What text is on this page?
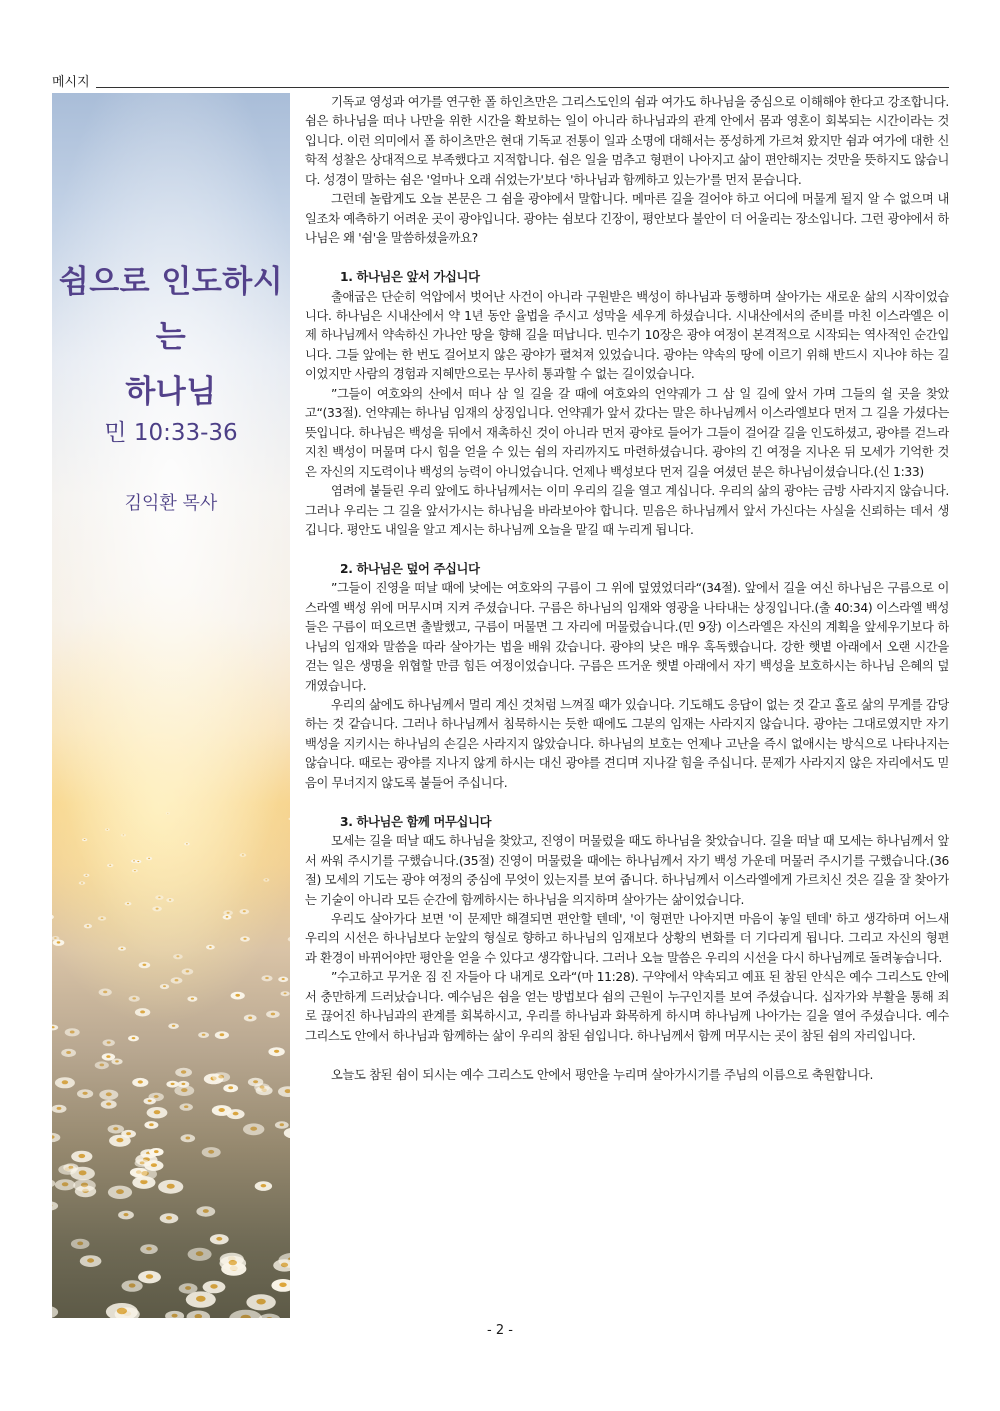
메시지
쉼으로 인도하시는
하나님

민 10:33-36

김익환 목사

기독교 영성과 여가를 연구한 폴 하인츠만은 그리스도인의 쉼과 여가도 하나님을 중심으로 이해해야 한다고 강조합니다. 쉼은 하나님을 떠나 나만을 위한 시간을 확보하는 일이 아니라 하나님과의 관계 안에서 몸과 영혼이 회복되는 시간이라는 것입니다. 이런 의미에서 폴 하이츠만은 현대 기독교 전통이 일과 소명에 대해서는 풍성하게 가르쳐 왔지만 쉼과 여가에 대한 신학적 성찰은 상대적으로 부족했다고 지적합니다. 쉼은 일을 멈추고 형편이 나아지고 삶이 편안해지는 것만을 뜻하지도 않습니다. 성경이 말하는 쉼은 '얼마나 오래 쉬었는가'보다 '하나님과 함께하고 있는가'를 먼저 묻습니다.

그런데 놀랍게도 오늘 본문은 그 쉼을 광야에서 말합니다. 메마른 길을 걸어야 하고 어디에 머물게 될지 알 수 없으며 내일조차 예측하기 어려운 곳이 광야입니다. 광야는 쉼보다 긴장이, 평안보다 불안이 더 어울리는 장소입니다. 그런 광야에서 하나님은 왜 '쉼'을 말씀하셨을까요?

1. 하나님은 앞서 가십니다

출애굽은 단순히 억압에서 벗어난 사건이 아니라 구원받은 백성이 하나님과 동행하며 살아가는 새로운 삶의 시작이었습니다. 하나님은 시내산에서 약 1년 동안 율법을 주시고 성막을 세우게 하셨습니다. 시내산에서의 준비를 마친 이스라엘은 이제 하나님께서 약속하신 가나안 땅을 향해 길을 떠납니다. 민수기 10장은 광야 여정이 본격적으로 시작되는 역사적인 순간입니다. 그들 앞에는 한 번도 걸어보지 않은 광야가 펼쳐져 있었습니다. 광야는 약속의 땅에 이르기 위해 반드시 지나야 하는 길이었지만 사람의 경험과 지혜만으로는 무사히 통과할 수 없는 길이었습니다.

”그들이 여호와의 산에서 떠나 삼 일 길을 갈 때에 여호와의 언약궤가 그 삼 일 길에 앞서 가며 그들의 쉴 곳을 찾았고“(33절). 언약궤는 하나님 임재의 상징입니다. 언약궤가 앞서 갔다는 말은 하나님께서 이스라엘보다 먼저 그 길을 가셨다는 뜻입니다. 하나님은 백성을 뒤에서 재촉하신 것이 아니라 먼저 광야로 들어가 그들이 걸어갈 길을 인도하셨고, 광야를 걷느라 지친 백성이 머물며 다시 힘을 얻을 수 있는 쉼의 자리까지도 마련하셨습니다. 광야의 긴 여정을 지나온 뒤 모세가 기억한 것은 자신의 지도력이나 백성의 능력이 아니었습니다. 언제나 백성보다 먼저 길을 여셨던 분은 하나님이셨습니다.(신 1:33)

염려에 붙들린 우리 앞에도 하나님께서는 이미 우리의 길을 열고 계십니다. 우리의 삶의 광야는 금방 사라지지 않습니다. 그러나 우리는 그 길을 앞서가시는 하나님을 바라보아야 합니다. 믿음은 하나님께서 앞서 가신다는 사실을 신뢰하는 데서 생깁니다. 평안도 내일을 알고 계시는 하나님께 오늘을 맡길 때 누리게 됩니다.

2. 하나님은 덮어 주십니다

”그들이 진영을 떠날 때에 낮에는 여호와의 구름이 그 위에 덮였었더라“(34절). 앞에서 길을 여신 하나님은 구름으로 이스라엘 백성 위에 머무시며 지켜 주셨습니다. 구름은 하나님의 임재와 영광을 나타내는 상징입니다.(출 40:34) 이스라엘 백성들은 구름이 떠오르면 출발했고, 구름이 머물면 그 자리에 머물렀습니다.(민 9장) 이스라엘은 자신의 계획을 앞세우기보다 하나님의 임재와 말씀을 따라 살아가는 법을 배워 갔습니다. 광야의 낮은 매우 혹독했습니다. 강한 햇볕 아래에서 오랜 시간을 걷는 일은 생명을 위협할 만큼 힘든 여정이었습니다. 구름은 뜨거운 햇볕 아래에서 자기 백성을 보호하시는 하나님 은혜의 덮개였습니다.

우리의 삶에도 하나님께서 멀리 계신 것처럼 느껴질 때가 있습니다. 기도해도 응답이 없는 것 같고 홀로 삶의 무게를 감당하는 것 같습니다. 그러나 하나님께서 침묵하시는 듯한 때에도 그분의 임재는 사라지지 않습니다. 광야는 그대로였지만 자기 백성을 지키시는 하나님의 손길은 사라지지 않았습니다. 하나님의 보호는 언제나 고난을 즉시 없애시는 방식으로 나타나지는 않습니다. 때로는 광야를 지나지 않게 하시는 대신 광야를 견디며 지나갈 힘을 주십니다. 문제가 사라지지 않은 자리에서도 믿음이 무너지지 않도록 붙들어 주십니다.

3. 하나님은 함께 머무십니다

모세는 길을 떠날 때도 하나님을 찾았고, 진영이 머물렀을 때도 하나님을 찾았습니다. 길을 떠날 때 모세는 하나님께서 앞서 싸워 주시기를 구했습니다.(35절) 진영이 머물렀을 때에는 하나님께서 자기 백성 가운데 머물러 주시기를 구했습니다.(36절) 모세의 기도는 광야 여정의 중심에 무엇이 있는지를 보여 줍니다. 하나님께서 이스라엘에게 가르치신 것은 길을 잘 찾아가는 기술이 아니라 모든 순간에 함께하시는 하나님을 의지하며 살아가는 삶이었습니다.

우리도 살아가다 보면 '이 문제만 해결되면 편안할 텐데', '이 형편만 나아지면 마음이 놓일 텐데' 하고 생각하며 어느새 우리의 시선은 하나님보다 눈앞의 형실로 향하고 하나님의 임재보다 상황의 변화를 더 기다리게 됩니다. 그리고 자신의 형편과 환경이 바뀌어야만 평안을 얻을 수 있다고 생각합니다. 그러나 오늘 말씀은 우리의 시선을 다시 하나님께로 돌려놓습니다.

”수고하고 무거운 짐 진 자들아 다 내게로 오라“(마 11:28). 구약에서 약속되고 예표 된 참된 안식은 예수 그리스도 안에서 충만하게 드러났습니다. 예수님은 쉼을 얻는 방법보다 쉼의 근원이 누구인지를 보여 주셨습니다. 십자가와 부활을 통해 죄로 끊어진 하나님과의 관계를 회복하시고, 우리를 하나님과 화목하게 하시며 하나님께 나아가는 길을 열어 주셨습니다. 예수 그리스도 안에서 하나님과 함께하는 삶이 우리의 참된 쉼입니다. 하나님께서 함께 머무시는 곳이 참된 쉼의 자리입니다.

오늘도 참된 쉼이 되시는 예수 그리스도 안에서 평안을 누리며 살아가시기를 주님의 이름으로 축원합니다.

- 2 -
